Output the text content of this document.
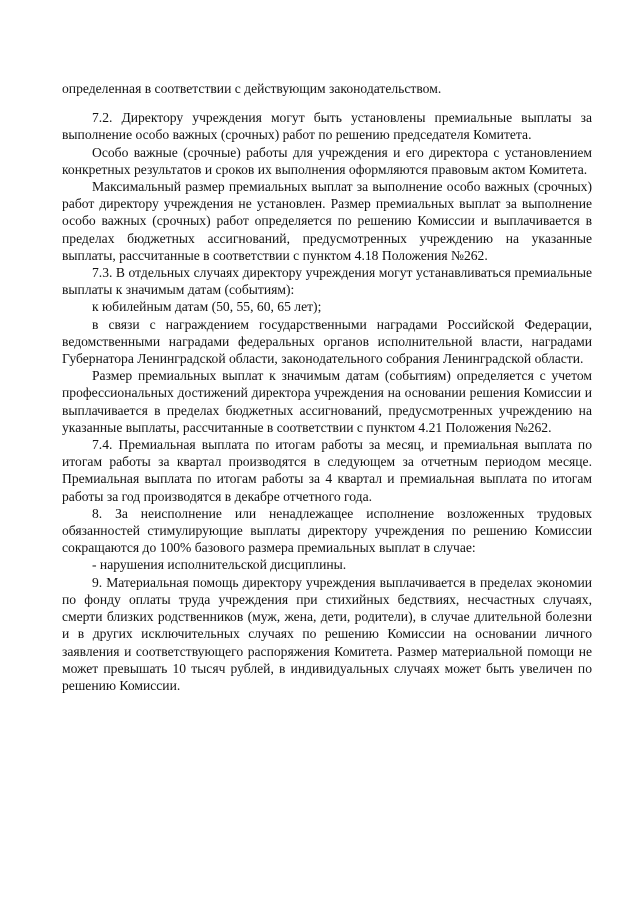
определенная в соответствии с действующим законодательством.

7.2. Директору учреждения могут быть установлены премиальные выплаты за выполнение особо важных (срочных) работ по решению председателя Комитета.

Особо важные (срочные) работы для учреждения и его директора с установлением конкретных результатов и сроков их выполнения оформляются правовым актом Комитета.

Максимальный размер премиальных выплат за выполнение особо важных (срочных) работ директору учреждения не установлен. Размер премиальных выплат за выполнение особо важных (срочных) работ определяется по решению Комиссии и выплачивается в пределах бюджетных ассигнований, предусмотренных учреждению на указанные выплаты, рассчитанные в соответствии с пунктом 4.18 Положения №262.

7.3. В отдельных случаях директору учреждения могут устанавливаться премиальные выплаты к значимым датам (событиям):

к юбилейным датам (50, 55, 60, 65 лет);

в связи с награждением государственными наградами Российской Федерации, ведомственными наградами федеральных органов исполнительной власти, наградами Губернатора Ленинградской области, законодательного собрания Ленинградской области.

Размер премиальных выплат к значимым датам (событиям) определяется с учетом профессиональных достижений директора учреждения на основании решения Комиссии и выплачивается в пределах бюджетных ассигнований, предусмотренных учреждению на указанные выплаты, рассчитанные в соответствии с пунктом 4.21 Положения №262.

7.4. Премиальная выплата по итогам работы за месяц, и премиальная выплата по итогам работы за квартал производятся в следующем за отчетным периодом месяце. Премиальная выплата по итогам работы за 4 квартал и премиальная выплата по итогам работы за год производятся в декабре отчетного года.

8. За неисполнение или ненадлежащее исполнение возложенных трудовых обязанностей стимулирующие выплаты директору учреждения по решению Комиссии сокращаются до 100% базового размера премиальных выплат в случае:

- нарушения исполнительской дисциплины.

9. Материальная помощь директору учреждения выплачивается в пределах экономии по фонду оплаты труда учреждения при стихийных бедствиях, несчастных случаях, смерти близких родственников (муж, жена, дети, родители), в случае длительной болезни и в других исключительных случаях по решению Комиссии на основании личного заявления и соответствующего распоряжения Комитета. Размер материальной помощи не может превышать 10 тысяч рублей, в индивидуальных случаях может быть увеличен по решению Комиссии.
